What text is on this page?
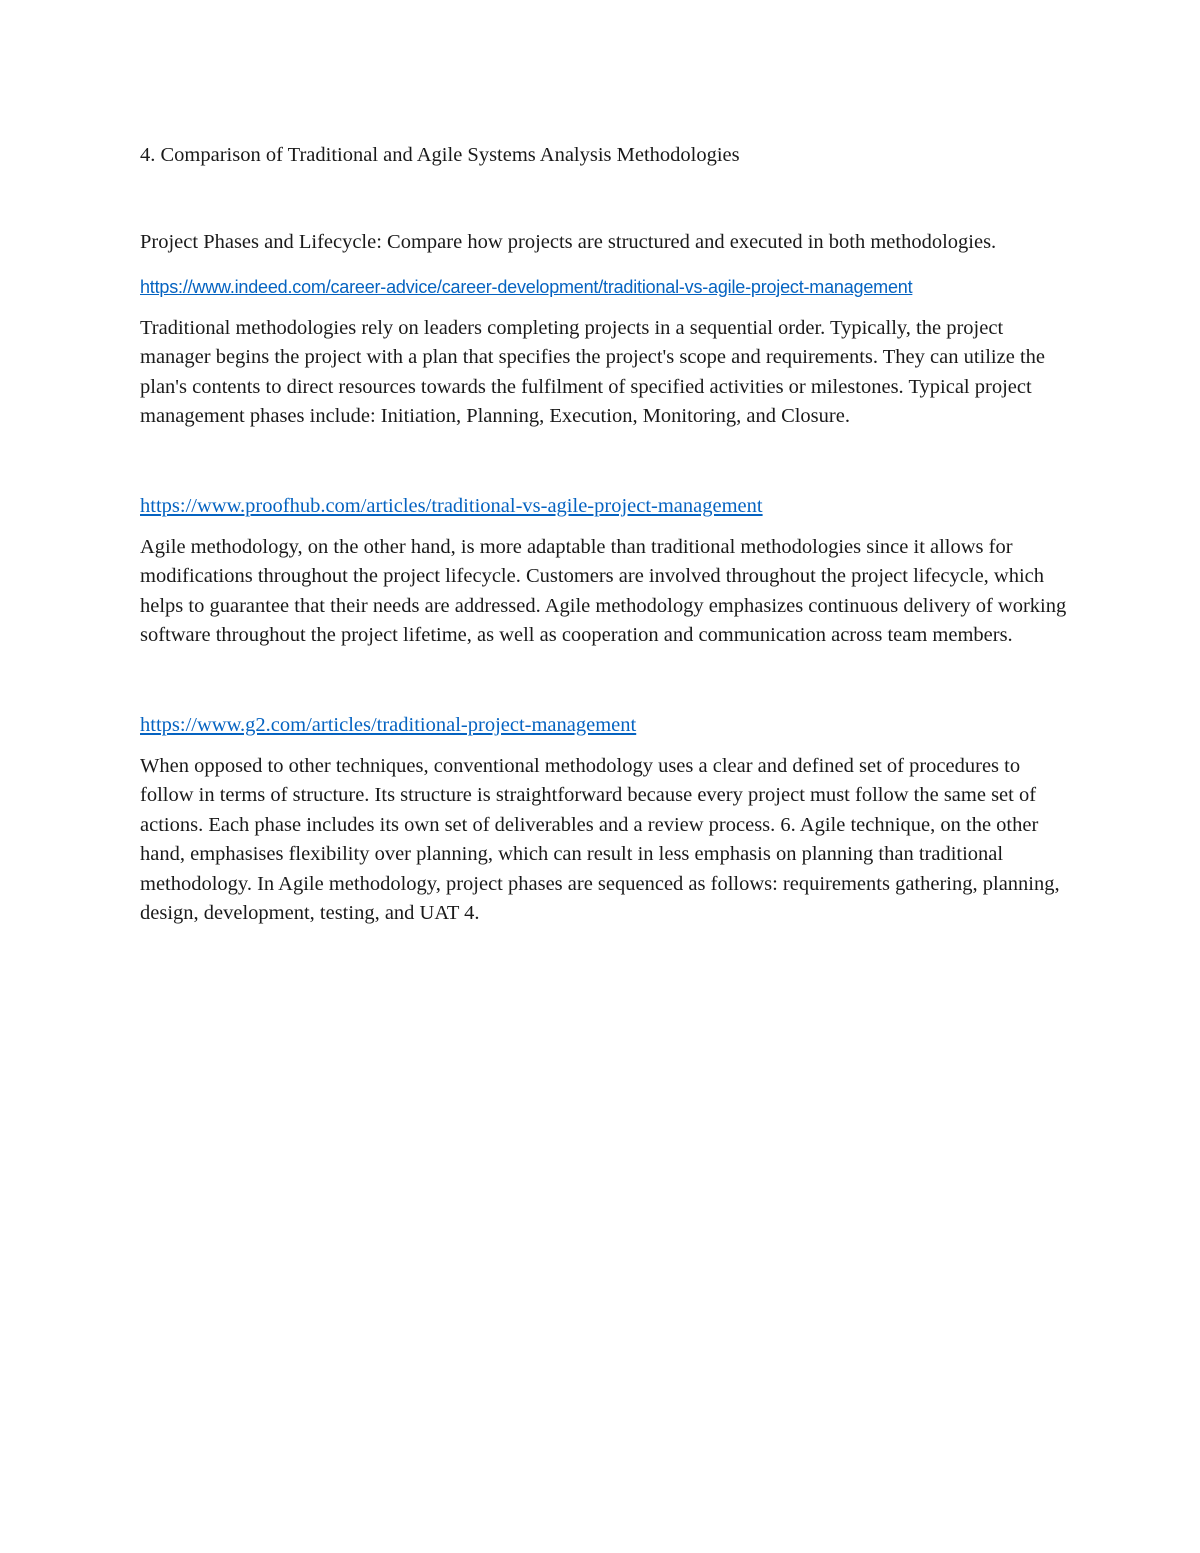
4. Comparison of Traditional and Agile Systems Analysis Methodologies

Project Phases and Lifecycle: Compare how projects are structured and executed in both methodologies.

https://www.indeed.com/career-advice/career-development/traditional-vs-agile-project-management

Traditional methodologies rely on leaders completing projects in a sequential order. Typically, the project manager begins the project with a plan that specifies the project's scope and requirements. They can utilize the plan's contents to direct resources towards the fulfilment of specified activities or milestones. Typical project management phases include: Initiation, Planning, Execution, Monitoring, and Closure.

https://www.proofhub.com/articles/traditional-vs-agile-project-management

Agile methodology, on the other hand, is more adaptable than traditional methodologies since it allows for modifications throughout the project lifecycle. Customers are involved throughout the project lifecycle, which helps to guarantee that their needs are addressed. Agile methodology emphasizes continuous delivery of working software throughout the project lifetime, as well as cooperation and communication across team members.

https://www.g2.com/articles/traditional-project-management

When opposed to other techniques, conventional methodology uses a clear and defined set of procedures to follow in terms of structure. Its structure is straightforward because every project must follow the same set of actions. Each phase includes its own set of deliverables and a review process. 6. Agile technique, on the other hand, emphasises flexibility over planning, which can result in less emphasis on planning than traditional methodology. In Agile methodology, project phases are sequenced as follows: requirements gathering, planning, design, development, testing, and UAT 4.
